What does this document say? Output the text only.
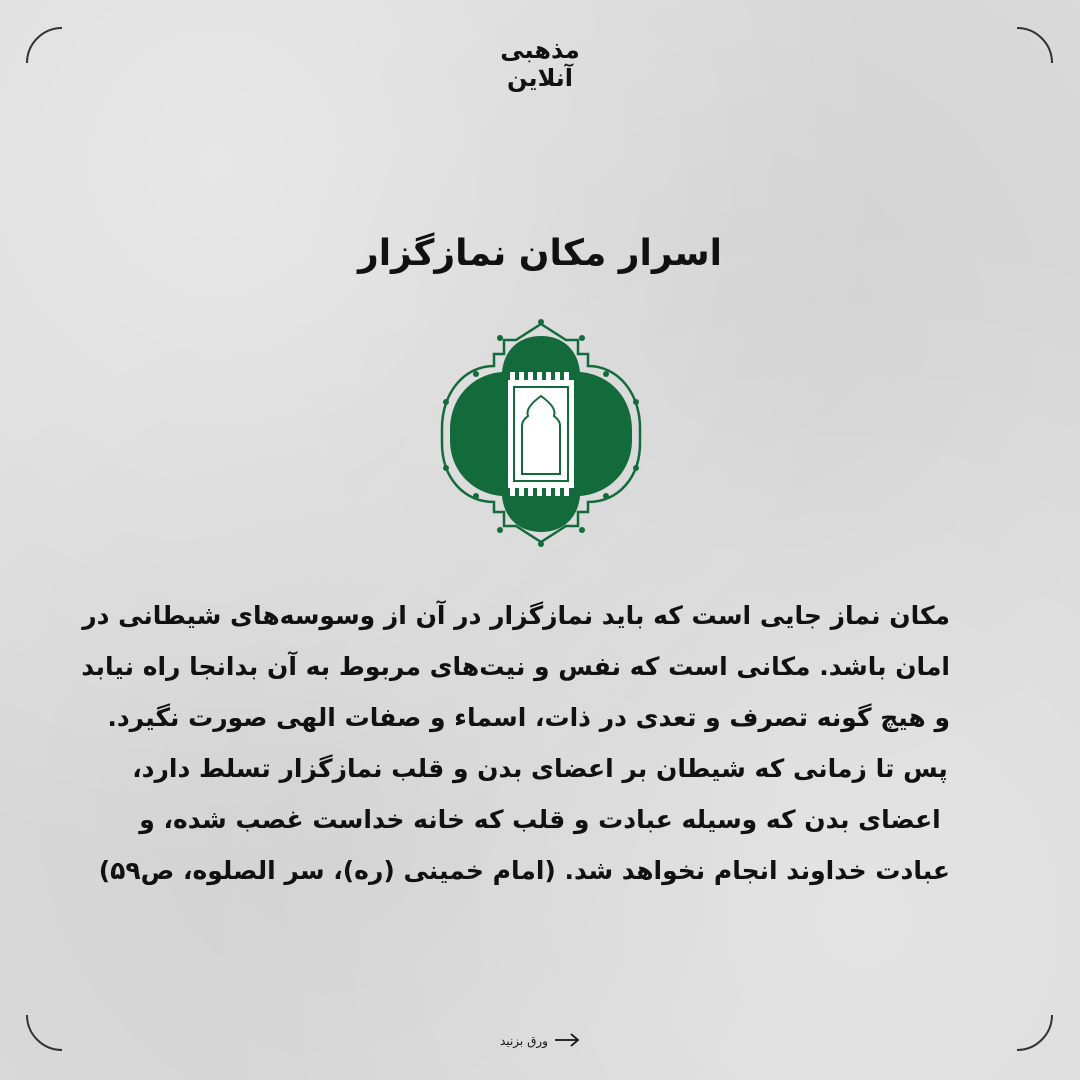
مذهبی
آنلاین
اسرار مکان نمازگزار
مکان نماز جایی است که باید نمازگزار در آن از وسوسه‌های شیطانی در
امان باشد. مکانی است که نفس و نیت‌های مربوط به آن بدانجا راه نیابد
و هیچ گونه تصرف و تعدی در ذات، اسماء و صفات الهی صورت نگیرد.
پس تا زمانی که شیطان بر اعضای بدن و قلب نمازگزار تسلط دارد،
اعضای بدن که وسیله عبادت و قلب که خانه خداست غصب شده، و
عبادت خداوند انجام نخواهد شد. (امام خمینی (ره)، سر الصلوه، ص۵۹)
ورق بزنید
